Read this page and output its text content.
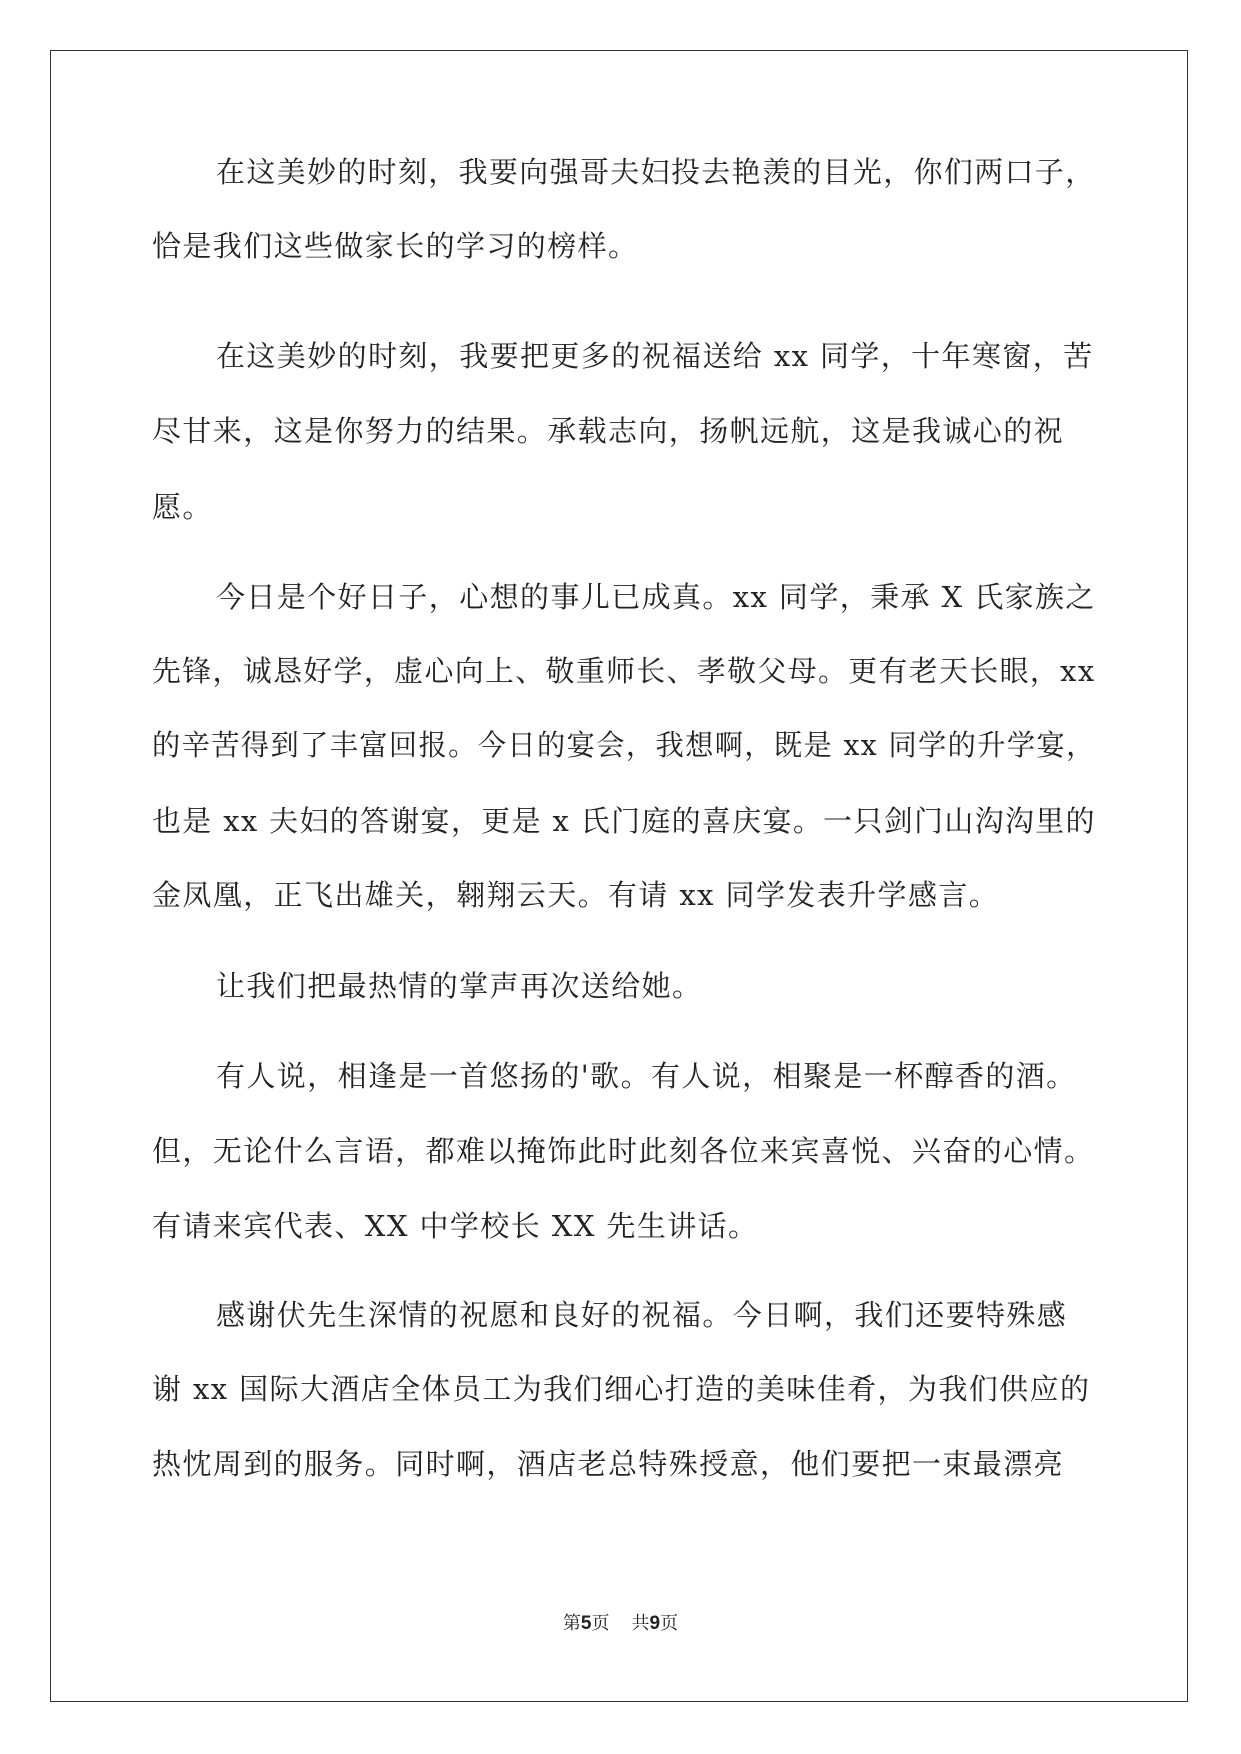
在这美妙的时刻，我要向强哥夫妇投去艳羡的目光，你们两口子，
恰是我们这些做家长的学习的榜样。
在这美妙的时刻，我要把更多的祝福送给 xx 同学，十年寒窗，苦
尽甘来，这是你努力的结果。承载志向，扬帆远航，这是我诚心的祝
愿。
今日是个好日子，心想的事儿已成真。xx 同学，秉承 X 氏家族之
先锋，诚恳好学，虚心向上、敬重师长、孝敬父母。更有老天长眼，xx
的辛苦得到了丰富回报。今日的宴会，我想啊，既是 xx 同学的升学宴，
也是 xx 夫妇的答谢宴，更是 x 氏门庭的喜庆宴。一只剑门山沟沟里的
金凤凰，正飞出雄关，翱翔云天。有请 xx 同学发表升学感言。
让我们把最热情的掌声再次送给她。
有人说，相逢是一首悠扬的'歌。有人说，相聚是一杯醇香的酒。
但，无论什么言语，都难以掩饰此时此刻各位来宾喜悦、兴奋的心情。
有请来宾代表、XX 中学校长 XX 先生讲话。
感谢伏先生深情的祝愿和良好的祝福。今日啊，我们还要特殊感
谢 xx 国际大酒店全体员工为我们细心打造的美味佳肴，为我们供应的
热忱周到的服务。同时啊，酒店老总特殊授意，他们要把一束最漂亮
第5页 共9页
